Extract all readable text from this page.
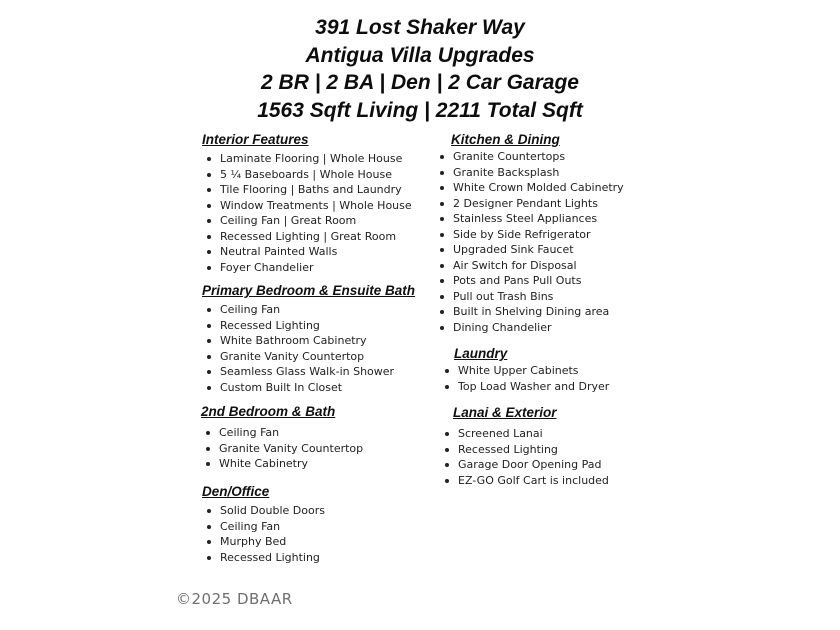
391 Lost Shaker Way
Antigua Villa Upgrades
2 BR | 2 BA | Den | 2 Car Garage
1563 Sqft Living | 2211 Total Sqft
Interior Features
Laminate Flooring | Whole House
5 ¼ Baseboards | Whole House
Tile Flooring | Baths and Laundry
Window Treatments | Whole House
Ceiling Fan | Great Room
Recessed Lighting | Great Room
Neutral Painted Walls
Foyer Chandelier
Primary Bedroom & Ensuite Bath
Ceiling Fan
Recessed Lighting
White Bathroom Cabinetry
Granite Vanity Countertop
Seamless Glass Walk-in Shower
Custom Built In Closet
2nd Bedroom & Bath
Ceiling Fan
Granite Vanity Countertop
White Cabinetry
Den/Office
Solid Double Doors
Ceiling Fan
Murphy Bed
Recessed Lighting
Kitchen & Dining
Granite Countertops
Granite Backsplash
White Crown Molded Cabinetry
2 Designer Pendant Lights
Stainless Steel Appliances
Side by Side Refrigerator
Upgraded Sink Faucet
Air Switch for Disposal
Pots and Pans Pull Outs
Pull out Trash Bins
Built in Shelving Dining area
Dining Chandelier
Laundry
White Upper Cabinets
Top Load Washer and Dryer
Lanai & Exterior
Screened Lanai
Recessed Lighting
Garage Door Opening Pad
EZ-GO Golf Cart is included
©2025 DBAAR
